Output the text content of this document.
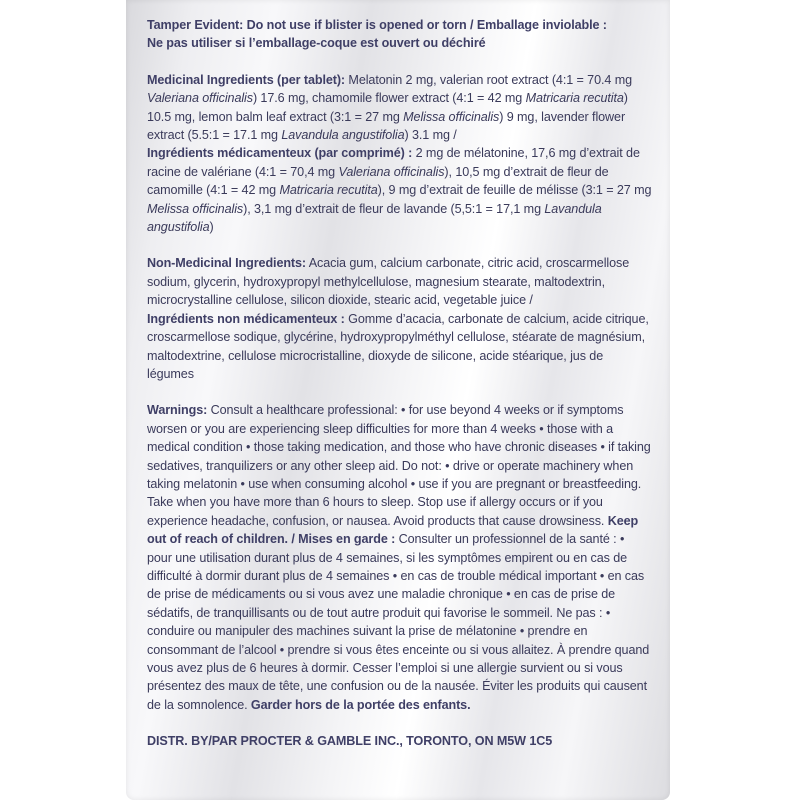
Tamper Evident: Do not use if blister is opened or torn / Emballage inviolable :
Ne pas utiliser si l’emballage-coque est ouvert ou déchiré
Medicinal Ingredients (per tablet): Melatonin 2 mg, valerian root extract (4:1 = 70.4 mg Valeriana officinalis) 17.6 mg, chamomile flower extract (4:1 = 42 mg Matricaria recutita) 10.5 mg, lemon balm leaf extract (3:1 = 27 mg Melissa officinalis) 9 mg, lavender flower extract (5.5:1 = 17.1 mg Lavandula angustifolia) 3.1 mg /
Ingrédients médicamenteux (par comprimé) : 2 mg de mélatonine, 17,6 mg d’extrait de racine de valériane (4:1 = 70,4 mg Valeriana officinalis), 10,5 mg d’extrait de fleur de camomille (4:1 = 42 mg Matricaria recutita), 9 mg d’extrait de feuille de mélisse (3:1 = 27 mg Melissa officinalis), 3,1 mg d’extrait de fleur de lavande (5,5:1 = 17,1 mg Lavandula angustifolia)
Non-Medicinal Ingredients: Acacia gum, calcium carbonate, citric acid, croscarmellose sodium, glycerin, hydroxypropyl methylcellulose, magnesium stearate, maltodextrin, microcrystalline cellulose, silicon dioxide, stearic acid, vegetable juice /
Ingrédients non médicamenteux : Gomme d’acacia, carbonate de calcium, acide citrique, croscarmellose sodique, glycérine, hydroxypropylméthyl cellulose, stéarate de magnésium, maltodextrine, cellulose microcristalline, dioxyde de silicone, acide stéarique, jus de légumes
Warnings: Consult a healthcare professional: • for use beyond 4 weeks or if symptoms worsen or you are experiencing sleep difficulties for more than 4 weeks • those with a medical condition • those taking medication, and those who have chronic diseases • if taking sedatives, tranquilizers or any other sleep aid. Do not: • drive or operate machinery when taking melatonin • use when consuming alcohol • use if you are pregnant or breastfeeding. Take when you have more than 6 hours to sleep. Stop use if allergy occurs or if you experience headache, confusion, or nausea. Avoid products that cause drowsiness. Keep out of reach of children. / Mises en garde : Consulter un professionnel de la santé : • pour une utilisation durant plus de 4 semaines, si les symptômes empirent ou en cas de difficulté à dormir durant plus de 4 semaines • en cas de trouble médical important • en cas de prise de médicaments ou si vous avez une maladie chronique • en cas de prise de sédatifs, de tranquillisants ou de tout autre produit qui favorise le sommeil. Ne pas : • conduire ou manipuler des machines suivant la prise de mélatonine • prendre en consommant de l’alcool • prendre si vous êtes enceinte ou si vous allaitez. À prendre quand vous avez plus de 6 heures à dormir. Cesser l’emploi si une allergie survient ou si vous présentez des maux de tête, une confusion ou de la nausée. Éviter les produits qui causent de la somnolence. Garder hors de la portée des enfants.
DISTR. BY/PAR PROCTER & GAMBLE INC., TORONTO, ON M5W 1C5
